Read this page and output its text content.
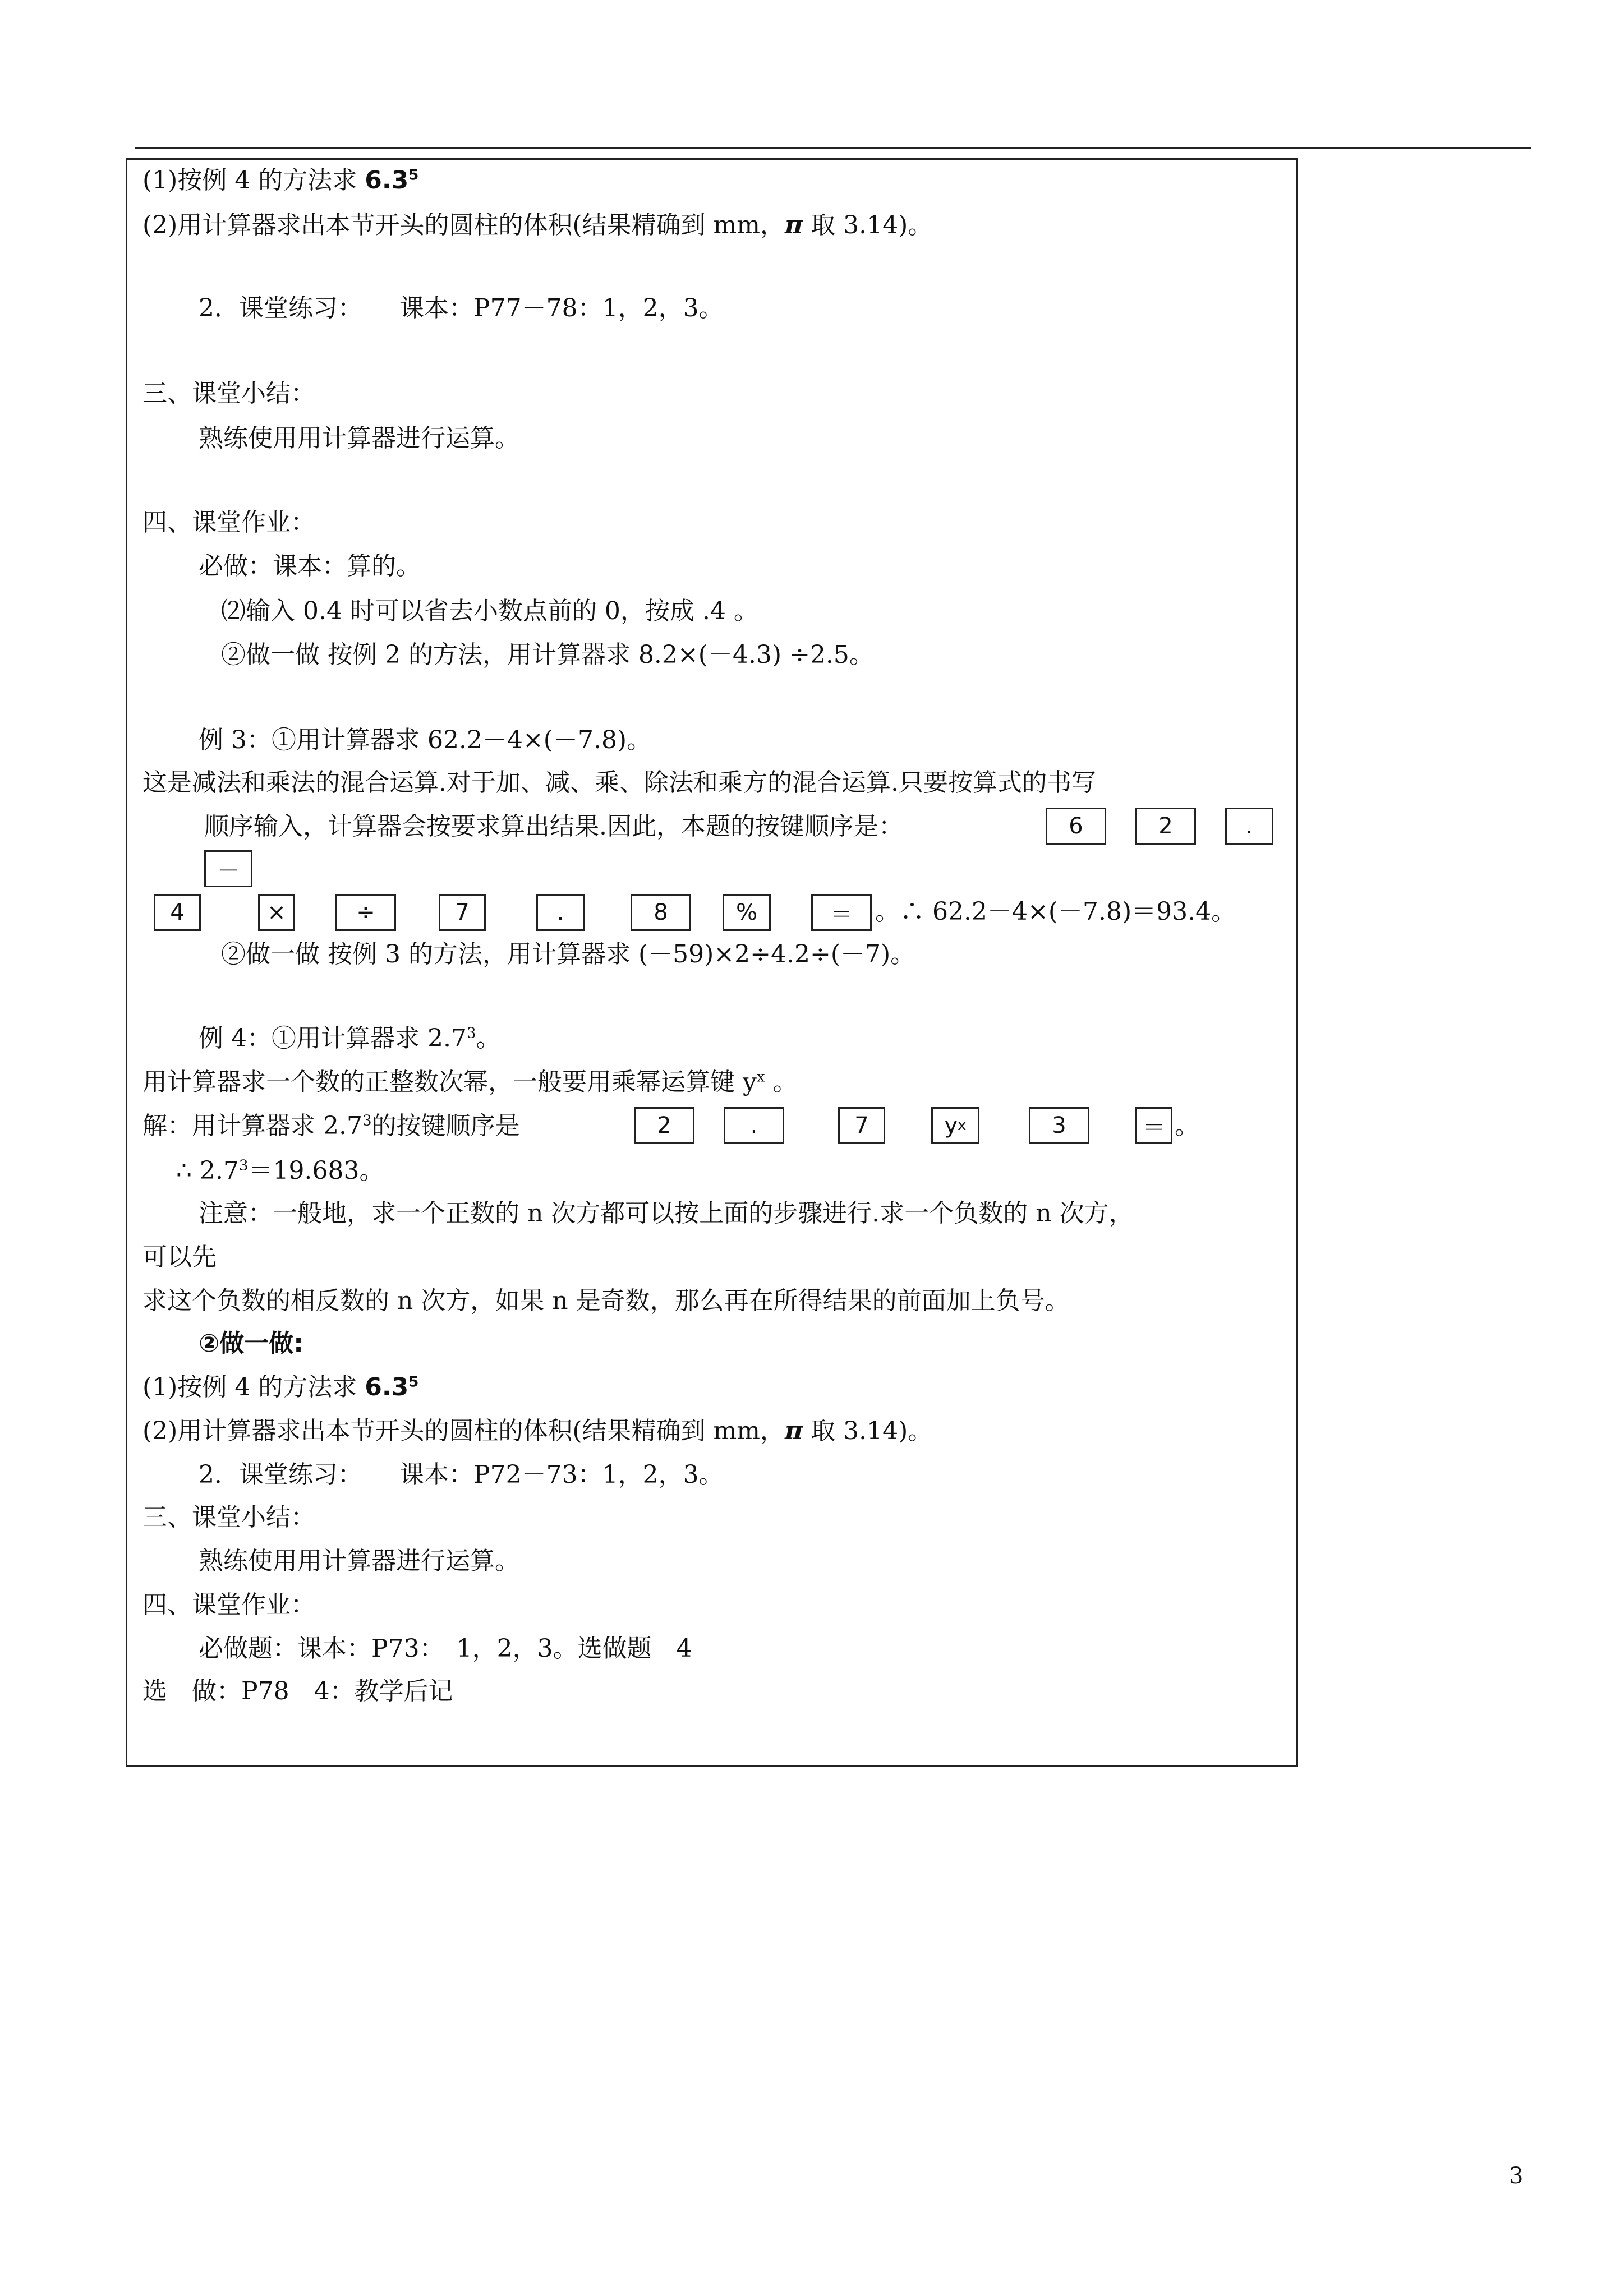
(1)按例 4 的方法求 $6.3^5$
(2)用计算器求出本节开头的圆柱的体积(结果精确到 mm，π 取 3.14)。
2．课堂练习：　　课本：P77－78：1，2，3。
三、课堂小结：
熟练使用用计算器进行运算。
四、课堂作业：
必做：课本：算的。
⑵输入 0.4 时可以省去小数点前的 0，按成 .4 。
②做一做 按例 2 的方法，用计算器求 8.2×(－4.3) ÷2.5。
例 3：①用计算器求 62.2－4×(－7.8)。
这是减法和乘法的混合运算.对于加、减、乘、除法和乘方的混合运算.只要按算式的书写
顺序输入，计算器会按要求算出结果.因此，本题的按键顺序是：	6	2	.
－
4	×	÷	7	.	8	%	＝ 。∴ 62.2－4×(－7.8)＝93.4。
②做一做 按例 3 的方法，用计算器求 (－59)×2÷4.2÷(－7)。
例 4：①用计算器求 $2.7^3$。
用计算器求一个数的正整数次幂，一般要用乘幂运算键 $y^x$ 。
解：用计算器求 $2.7^3$的按键顺序是	2	.	7	y x	3	＝ 。
∴ $2.7^3=19.683$。
注意：一般地，求一个正数的 n 次方都可以按上面的步骤进行.求一个负数的 n 次方，
可以先
求这个负数的相反数的 n 次方，如果 n 是奇数，那么再在所得结果的前面加上负号。
②做一做:
(1)按例 4 的方法求 $6.3^5$
(2)用计算器求出本节开头的圆柱的体积(结果精确到 mm，π 取 3.14)。
2．课堂练习：　　课本：P72－73：1，2，3。
三、课堂小结：
熟练使用用计算器进行运算。
四、课堂作业：
必做题：课本：P73：　1，2，3。选做题　4
选　做：P78　4：教学后记
3
